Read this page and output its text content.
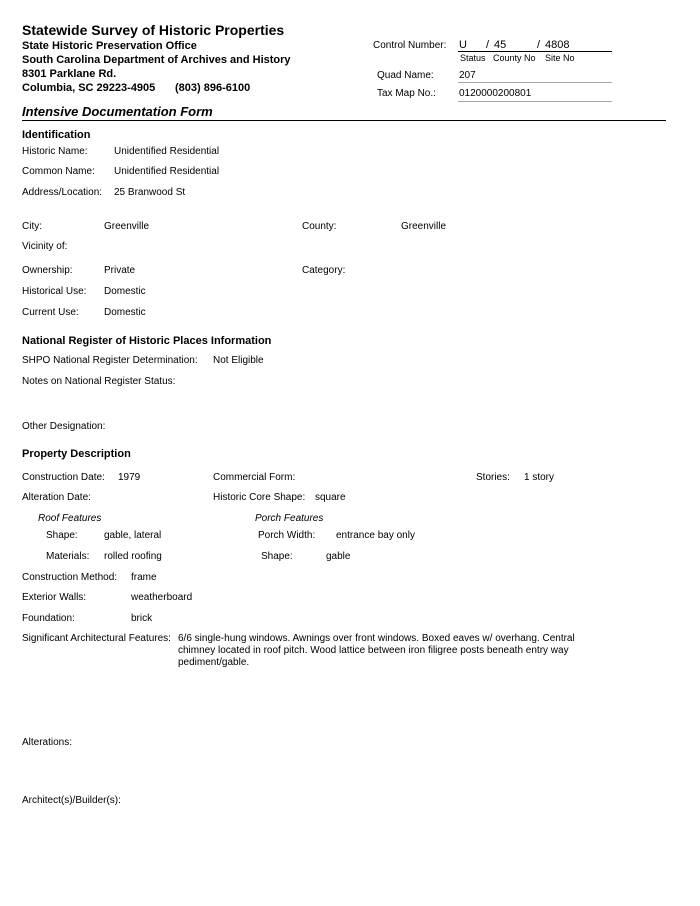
Statewide Survey of Historic Properties
State Historic Preservation Office
South Carolina Department of Archives and History
8301 Parklane Rd.
Columbia, SC 29223-4905 (803) 896-6100
Control Number: U / 45	/ 4808
Status County No Site No
Quad Name:	207
Tax Map No.: 0120000200801
Intensive Documentation Form
Identification
Historic Name:	Unidentified Residential
Common Name: Unidentified Residential
Address/Location: 25 Branwood St
City:	Greenville	County:	Greenville
Vicinity of:
Ownership:	Private	Category:
Historical Use: Domestic
Current Use:	Domestic
National Register of Historic Places Information
SHPO National Register Determination: Not Eligible
Notes on National Register Status:
Other Designation:
Property Description
Construction Date: 1979	Commercial Form:	Stories: 1 story
Alteration Date:	Historic Core Shape: square
Roof Features	Porch Features
Shape:	gable, lateral	Porch Width: entrance bay only
Materials: rolled roofing	Shape:	gable
Construction Method: frame
Exterior Walls:	weatherboard
Foundation:	brick
Significant Architectural Features: 6/6 single-hung windows. Awnings over front windows. Boxed eaves w/ overhang. Central chimney located in roof pitch. Wood lattice between iron filigree posts beneath entry way pediment/gable.
Alterations:
Architect(s)/Builder(s):
